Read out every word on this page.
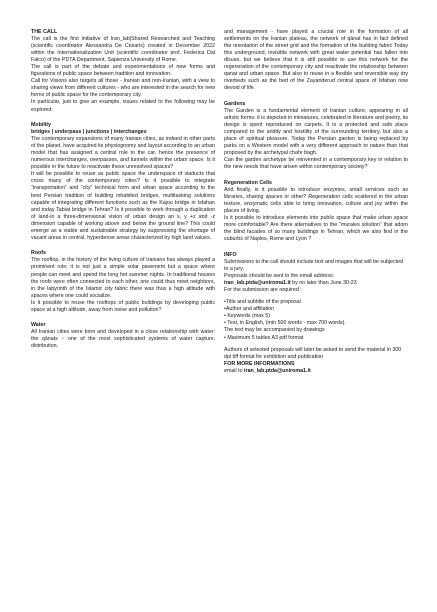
THE CALL

The call is the first initiative of Iran_lab|Shared Researched and Teaching (scientific coordinator Alessandra De Cesaris) created in December 2022 within the Internationalization Unit (scientific coordinator prof. Federica Dal Falco) of the PDTA Department, Sapienza University of Rome.

The call is part of the debate and experimentations of new forms and figurations of public space between tradition and innovation.

Call for Visions also targets all those - Iranian and non-Iranian, with a view to sharing views from different cultures - who are interested in the search for new forms of public space for the contemporary city.

In particular, just to give an example, issues related to the following may be explored:

Mobility

bridges | underpass | junctions | interchanges

The contemporary expansions of many Iranian cities, as indeed in other parts of the planet, have acquired its physiognomy and layout according to an urban model that has assigned a central role to the car, hence the presence of numerous interchanges, overpasses, and tunnels within the urban space. Is it possible in the future to reactivate these unresolved spaces?

It will be possible to reuse as public space the underspace of viaducts that cross many of the contemporary cities? Is it possible to integrate “transportation” and “city” technical form and urban space according to the best Persian tradition of building inhabited bridges, multitasking solutions capable of integrating different functions such as the Kajou bridge in Isfahan and today Tabiat bridge in Tehran? Is it possible to work through a duplication of land-in a three-dimensional vision of urban design an x, y +z and -z dimension capable of working above and below the ground line? This could emerge as a viable and sustainable strategy by suppressing the shortage of vacant areas in central, hyperdense areas characterized by high land values.

Roofs

The rooftop, in the history of the living culture of Iranians has always played a prominent role; it is not just a simple solar pavement but a space where people can meet and spend the long hot summer nights. In traditional houses the roofs were often connected to each other, one could thus meet neighbors, in the labyrinth of the Islamic city fabric there was thus a high altitude with spaces where one could socialize.

Is it possible to reuse the rooftops of public buildings by developing public space at a high altitude, away from noise and pollution?

Water

All Iranian cities were born and developed in a close relationship with water: the qānats ~ one of the most sophisticated systems of water capture, distribution,

and management - have played a crucial role in the formation of all settlements on the Iranian plateau, the network of qānat has in fact defined the orientation of the street grid and the formation of the building fabric Today this underground, invisible network with great water potential has fallen into disuse, but we believe that it is still possible to use this network for the regeneration of the contemporary city and reactivate the relationship between qanat and urban space. But also to reuse in a flexible and reversible way dry riverbeds such as the bed of the Zayanderud central space of Isfahan now devoid of life.

Gardens

The Garden is a fundamental element of Iranian culture, appearing in all artistic forms: it is depicted in miniatures, celebrated in literature and poetry, its design is spent reproduced on carpets. It is a protected and safe place compared to the aridity and hostility of the surrounding territory, but also a place of spiritual pleasure. Today the Persian garden is being replaced by parks on a Western model with a very different approach to nature than that proposed by the archetypal chahr bagh.

Can the garden archetype be reinvented in a contemporary key in relation to the new needs that have arisen within contemporary society?

Regeneration Cells

And finally, is it possible to introduce enzymes, small services such as libraries, sharing spaces or other? Regeneration cells scattered in the urban texture, enzymatic cells able to bring innovation, culture and joy within the places of living.

Is it possible to introduce elements into public space that make urban space more comfortable? Are there alternatives to the “murales solution” that adorn the blind facades of so many buildings in Tehran, which we also find in the suburbs of Naples, Rome and Lyon ?

INFO

Submissions to the call should include text and images that will be subjected to a jury.

Proposals should be sent to the email address:

iran_lab.ptda@uniroma1.it by no later than June 30-23

For the submission are required :

•Title and subtitle of the proposal

•Author and affiliation

• Keywords (max 5)

• Text, in English, (min 500 words - max 700 words).

The text may be accompanied by drawings

• Maximum 5 tables A3 pdf format

Authors of selected proposals will later be asked to send the material in 300 dpi tiff format for exhibition and publication

FOR MORE INFORMATIONS

email to iran_lab.ptda@uniroma1.it
